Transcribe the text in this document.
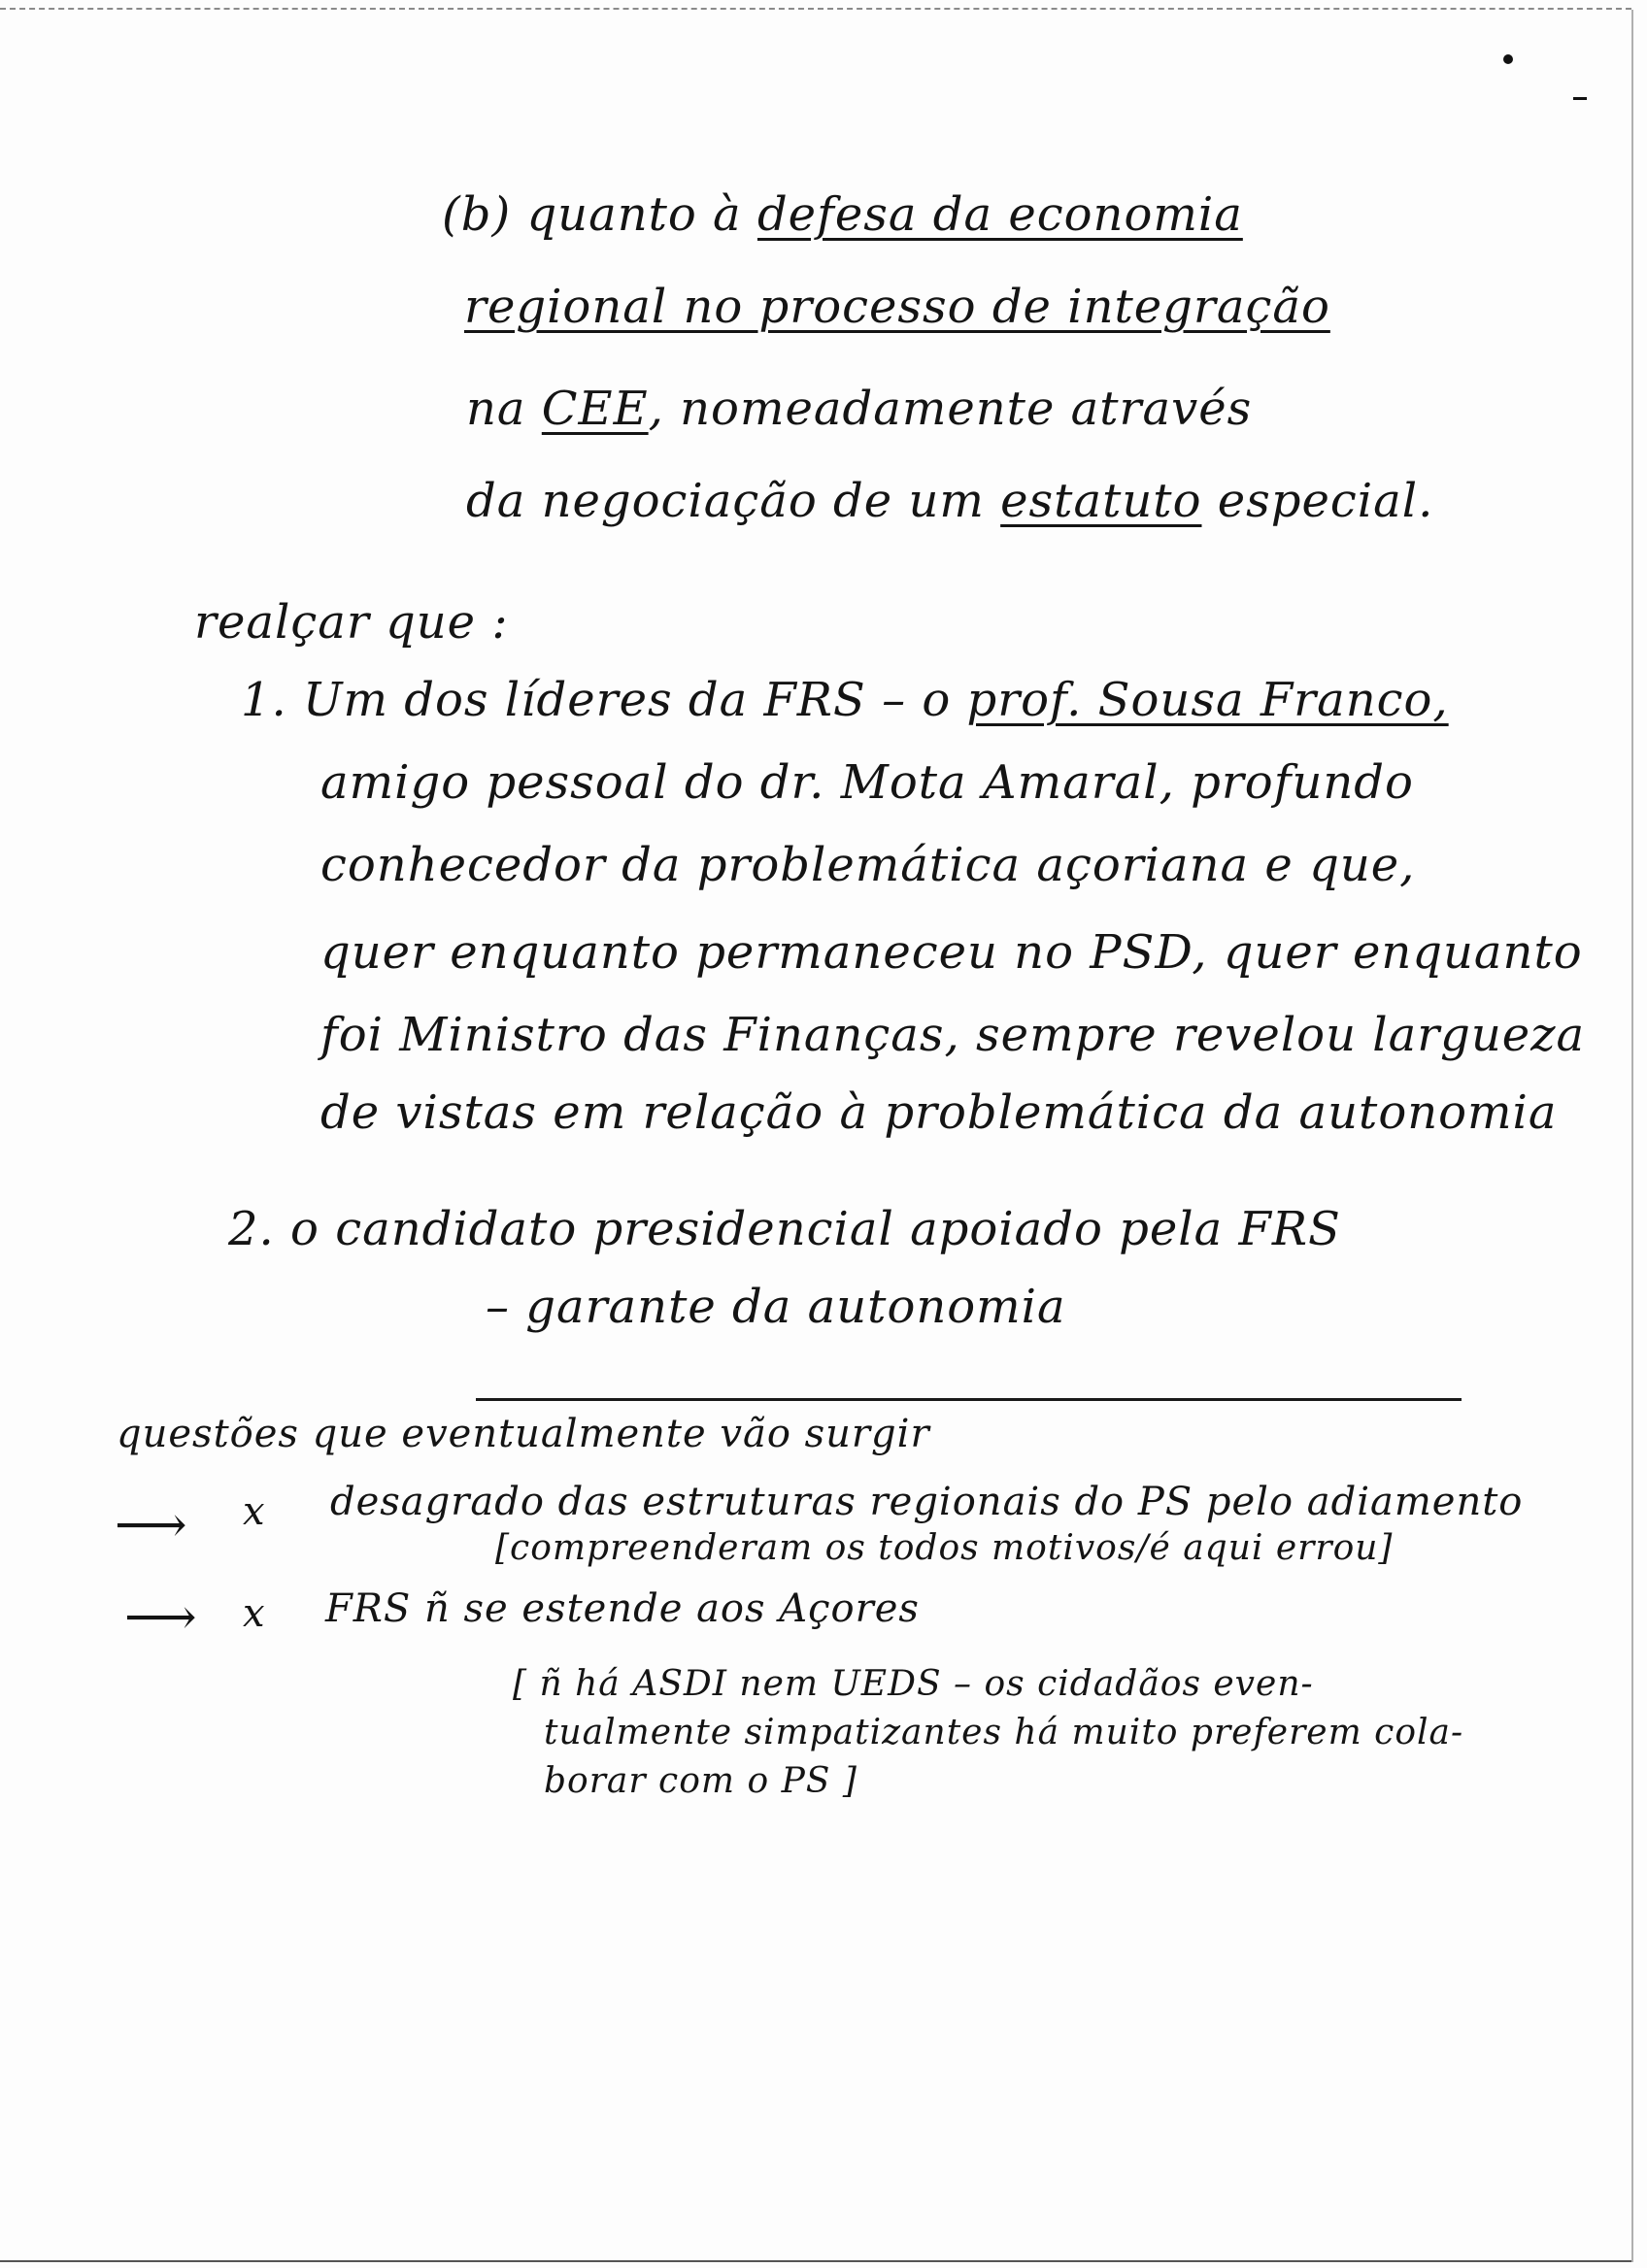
(b) quanto à defesa da economia
regional no processo de integração
na CEE, nomeadamente através
da negociação de um estatuto especial.
realçar que :
1. Um dos líderes da FRS – o prof. Sousa Franco,
amigo pessoal do dr. Mota Amaral, profundo
conhecedor da problemática açoriana e que,
quer enquanto permaneceu no PSD, quer enquanto
foi Ministro das Finanças, sempre revelou largueza
de vistas em relação à problemática da autonomia
2. o candidato presidencial apoiado pela FRS
– garante da autonomia
questões que eventualmente vão surgir
⟶ x desagrado das estruturas regionais do PS pelo adiamento
[compreenderam os todos motivos/é aqui errou]
⟶ x FRS ñ se estende aos Açores
[ ñ há ASDI nem UEDS – os cidadãos even-
tualmente simpatizantes há muito preferem cola-
borar com o PS ]
